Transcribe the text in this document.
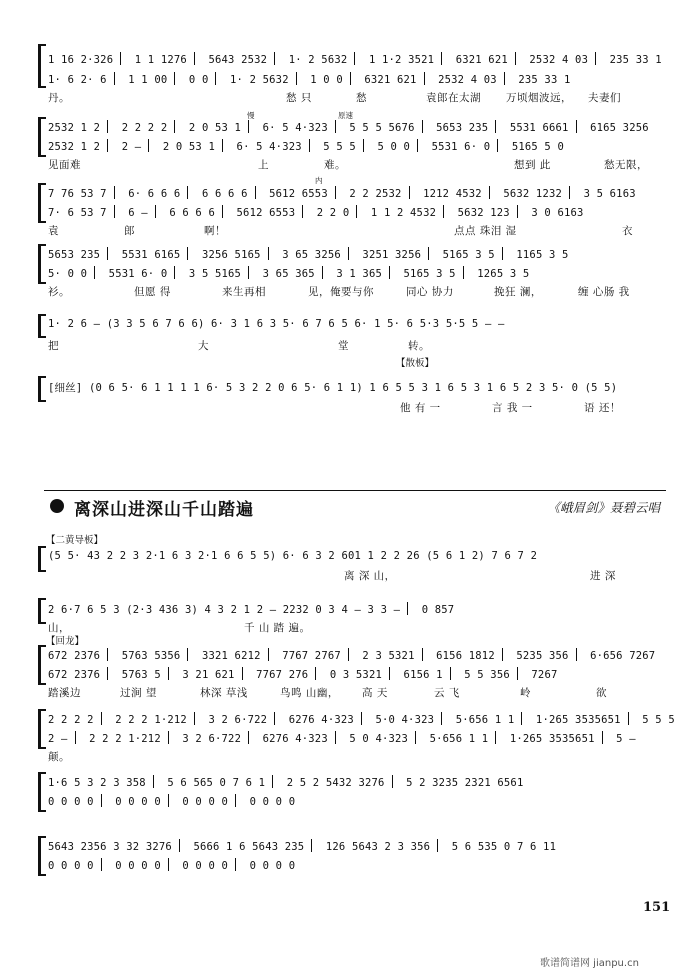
1 16 2·326 1 1 1276 5643 2532 1· 2 5632 1 1·2 3521 6321 621 2532 4 03 235 33 1
1· 6 2· 6 1 1 00 0 0 1· 2 5632 1 0 0 6321 621 2532 4 03 235 33 1
丹。	愁 只	愁	袁郎在太湖 万顷烟波远， 夫妻们
慢	原速
2532 1 2 2 2 2 2 2 0 53 1 6· 5 4·323 5 5 5 5676 5653 235 5531 6661 6165 3256
2532 1 2 2 – 2 0 53 1 6· 5 4·323 5 5 5 5 0 0 5531 6· 0 5165 5 0
见面难	上	难。	想到 此	愁无限，
内
7 76 53 7 6· 6 6 6 6 6 6 6 5612 6553 2 2 2532 1212 4532 5632 1232 3 5 6163
7· 6 53 7 6 – 6 6 6 6 5612 6553 2 2 0 1 1 2 4532 5632 123 3 0 6163
袁	郎	啊！	点点 珠泪 湿	衣
5653 235 5531 6165 3256 5165 3 65 3256 3251 3256 5165 3 5 1165 3 5
5· 0 0 5531 6· 0 3 5 5165 3 65 365 3 1 365 5165 3 5 1265 3 5
衫。	但愿 得	来生再相	见，俺要与你	同心 协力	挽狂 澜，	缠 心肠 我
1· 2 6 – (3 3 5 6 7 6 6) 6· 3 1 6 3 5· 6 7 6 5 6· 1 5· 6 5·3 5·5 5 – –
把	大	堂	转。
【散板】
[细丝] (0 6 5· 6 1 1 1 1 6· 5 3 2 2 0 6 5· 6 1 1) 1 6 5 5 3 1 6 5 3 1 6 5 2 3 5· 0 (5 5)
他 有 一	言 我 一	语 还！
离深山进深山千山踏遍	《峨眉剑》聂碧云唱
【二黄导板】
(5 5· 43 2 2 3 2·1 6 3 2·1 6 6 5 5) 6· 6 3 2 601 1 2 2 26 (5 6 1 2) 7 6 7 2
离 深 山，	进 深
2 6·7 6 5 3 (2·3 436 3) 4 3 2 1 2 – 2232 0 3 4 – 3 3 – 0 857
山，	千 山 踏 遍。
【回龙】
672 2376 5763 5356 3321 6212 7767 2767 2 3 5321 6156 1812 5235 356 6·656 7267
672 2376 5763 5 3 21 621 7767 276 0 3 5321 6156 1 5 5 356 7267
踏溪边	过涧 望	林深 草浅	鸟鸣 山幽， 高 天	云 飞	岭	欲
2 2 2 2 2 2 2 1·212 3 2 6·722 6276 4·323 5·0 4·323 5·656 1 1 1·265 3535651 5 5 5
2 – 2 2 2 1·212 3 2 6·722 6276 4·323 5 0 4·323 5·656 1 1 1·265 3535651 5 –
颠。
1·6 5 3 2 3 358 5 6 565 0 7 6 1 2 5 2 5432 3276 5 2 3235 2321 6561
0 0 0 0 0 0 0 0 0 0 0 0 0 0 0 0
5643 2356 3 32 3276 5666 1 6 5643 235 126 5643 2 3 356 5 6 535 0 7 6 11
0 0 0 0 0 0 0 0 0 0 0 0 0 0 0 0
151
歌谱简谱网 jianpu.cn
